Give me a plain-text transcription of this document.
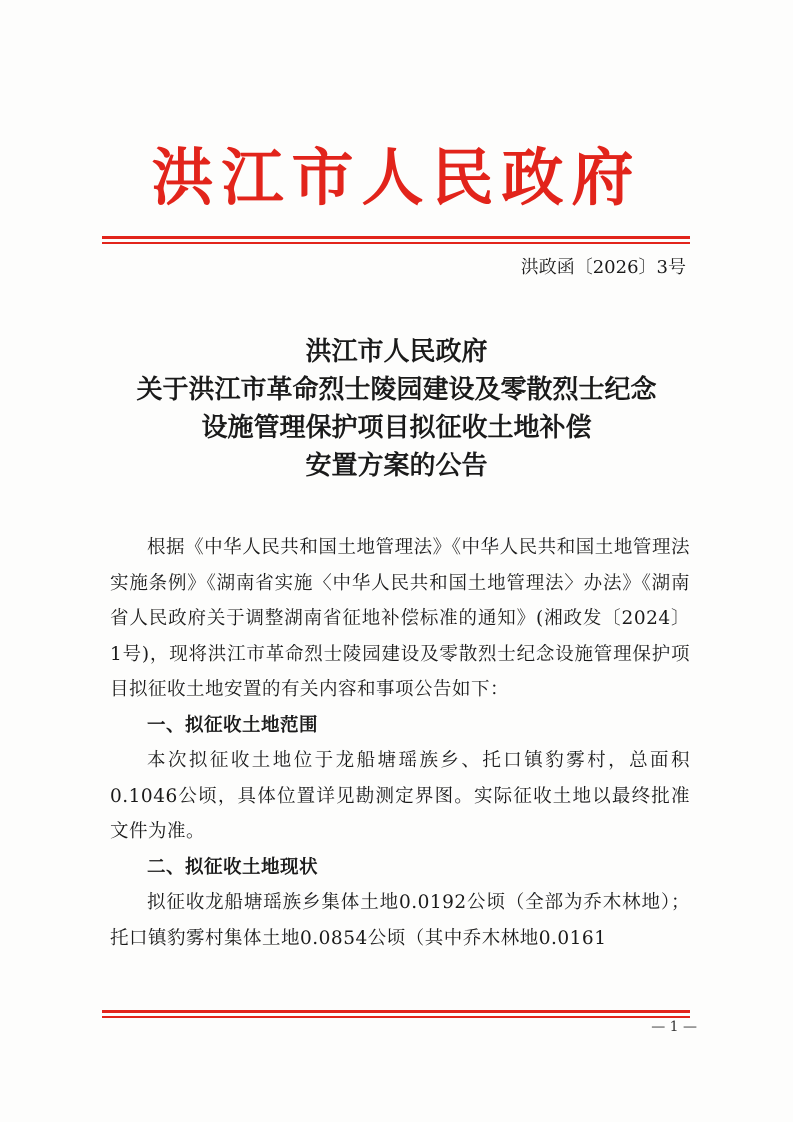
洪江市人民政府
洪政函〔2026〕3号
洪江市人民政府
关于洪江市革命烈士陵园建设及零散烈士纪念
设施管理保护项目拟征收土地补偿
安置方案的公告

根据《中华人民共和国土地管理法》《中华人民共和国土地管理法实施条例》《湖南省实施〈中华人民共和国土地管理法〉办法》《湖南省人民政府关于调整湖南省征地补偿标准的通知》(湘政发〔2024〕1号)，现将洪江市革命烈士陵园建设及零散烈士纪念设施管理保护项目拟征收土地安置的有关内容和事项公告如下：

一、拟征收土地范围

本次拟征收土地位于龙船塘瑶族乡、托口镇豹雾村，总面积0.1046公顷，具体位置详见勘测定界图。实际征收土地以最终批准文件为准。

二、拟征收土地现状

拟征收龙船塘瑶族乡集体土地0.0192公顷（全部为乔木林地）；托口镇豹雾村集体土地0.0854公顷（其中乔木林地0.0161

— 1 —
